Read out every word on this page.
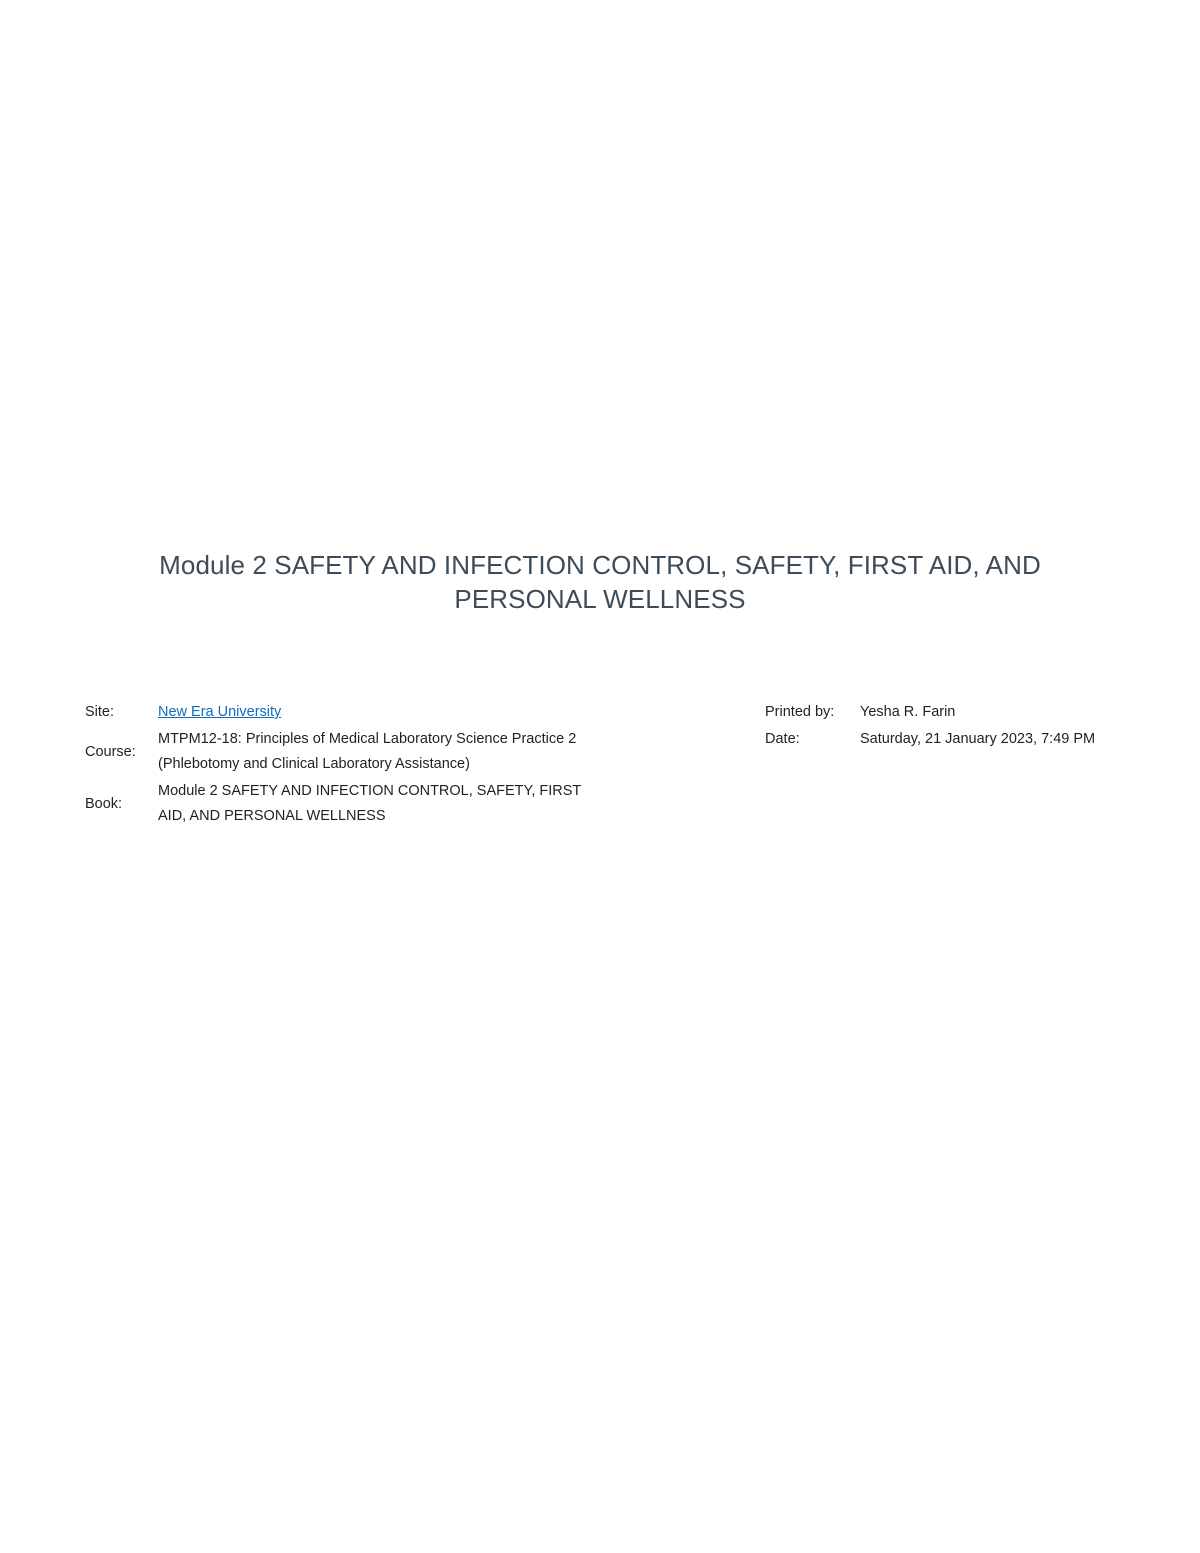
Module 2 SAFETY AND INFECTION CONTROL, SAFETY, FIRST AID, AND PERSONAL WELLNESS
Site:	New Era University
Course:
MTPM12-18: Principles of Medical Laboratory Science Practice 2 (Phlebotomy and Clinical Laboratory Assistance)
Book:
Module 2 SAFETY AND INFECTION CONTROL, SAFETY, FIRST AID, AND PERSONAL WELLNESS
Printed by:	Yesha R. Farin
Date:	Saturday, 21 January 2023, 7:49 PM
